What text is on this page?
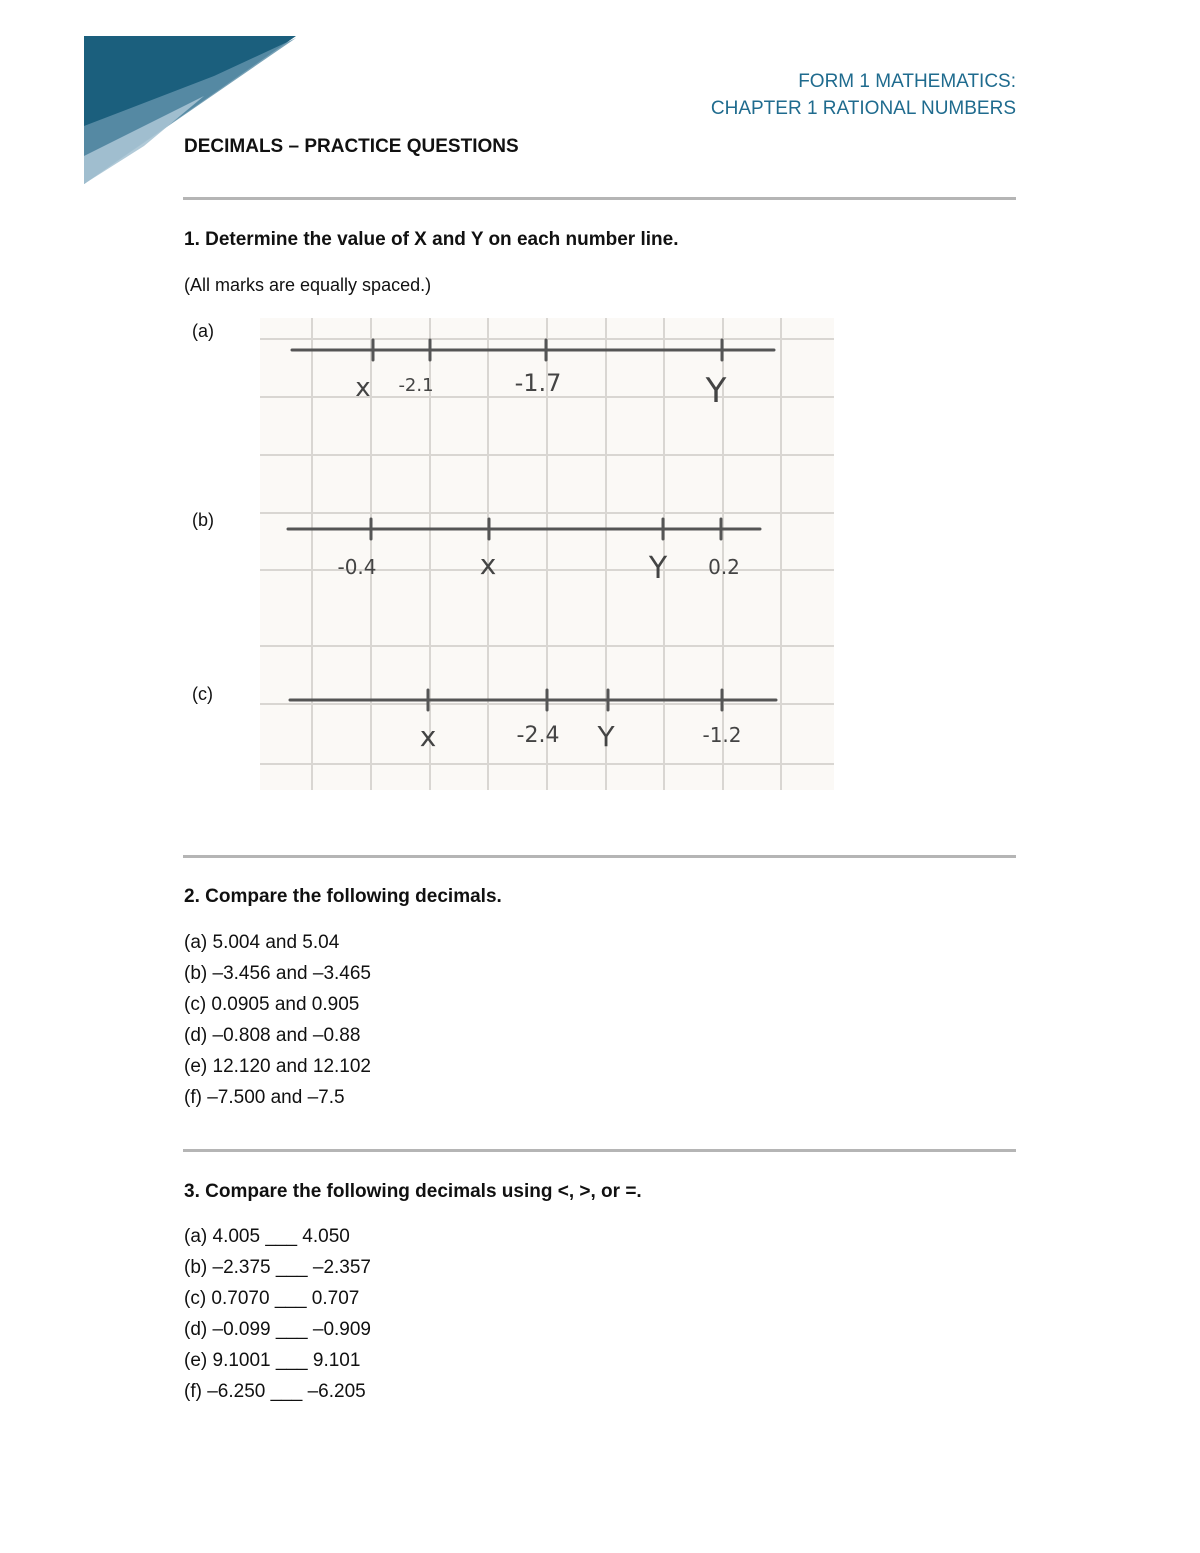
FORM 1 MATHEMATICS:
CHAPTER 1 RATIONAL NUMBERS
DECIMALS – PRACTICE QUESTIONS
1. Determine the value of X and Y on each number line.
(All marks are equally spaced.)
(a)
(b)
(c)
x -2.1	-1.7	Y
-0.4	x	Y 0.2
x	-2.4 Y	-1.2
2. Compare the following decimals.
(a) 5.004 and 5.04
(b) –3.456 and –3.465
(c) 0.0905 and 0.905
(d) –0.808 and –0.88
(e) 12.120 and 12.102
(f) –7.500 and –7.5
3. Compare the following decimals using <, >, or =.
(a) 4.005 ___ 4.050
(b) –2.375 ___ –2.357
(c) 0.7070 ___ 0.707
(d) –0.099 ___ –0.909
(e) 9.1001 ___ 9.101
(f) –6.250 ___ –6.205
